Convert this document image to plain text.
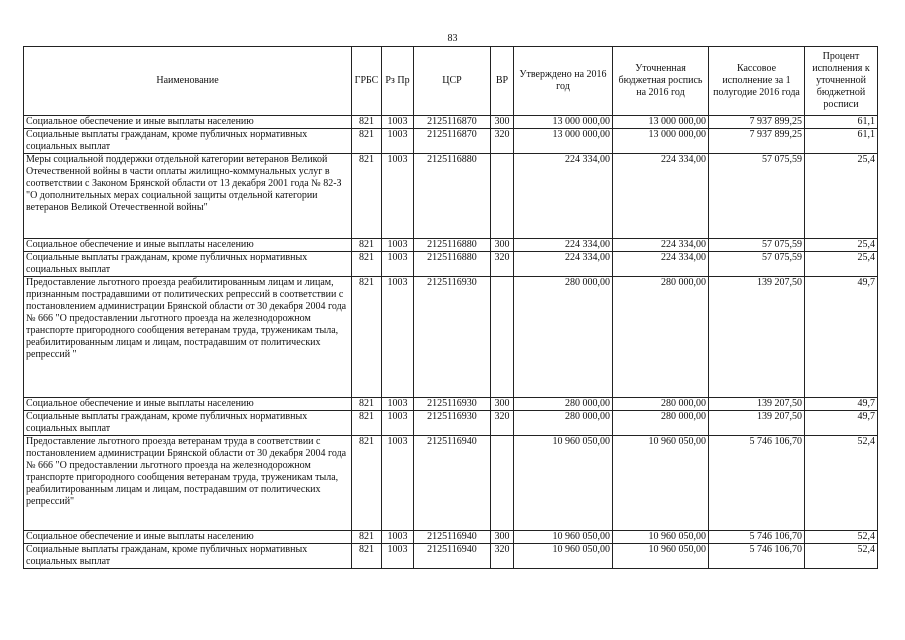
83
Наименование	ГРБС	Рз Пр	ЦСР	ВР	Утверждено на 2016 год	Уточненная бюджетная роспись на 2016 год	Кассовое исполнение за 1 полугодие 2016 года	Процент исполнения к уточненной бюджетной росписи
Социальное обеспечение и иные выплаты населению	821	1003	2125116870	300	13 000 000,00	13 000 000,00	7 937 899,25	61,1
Социальные выплаты гражданам, кроме публичных нормативных социальных выплат	821	1003	2125116870	320	13 000 000,00	13 000 000,00	7 937 899,25	61,1
Меры социальной поддержки отдельной категории ветеранов Великой Отечественной войны в части оплаты жилищно-коммунальных услуг в соответствии с Законом Брянской области от 13 декабря 2001 года № 82-З "О дополнительных мерах социальной защиты отдельной категории ветеранов Великой Отечественной войны"	821	1003	2125116880		224 334,00	224 334,00	57 075,59	25,4
Социальное обеспечение и иные выплаты населению	821	1003	2125116880	300	224 334,00	224 334,00	57 075,59	25,4
Социальные выплаты гражданам, кроме публичных нормативных социальных выплат	821	1003	2125116880	320	224 334,00	224 334,00	57 075,59	25,4
Предоставление льготного проезда реабилитированным лицам и лицам, признанным пострадавшими от политических репрессий в соответствии с постановлением администрации Брянской области от 30 декабря 2004 года № 666 "О предоставлении льготного проезда на железнодорожном транспорте пригородного сообщения ветеранам труда, труженикам тыла, реабилитированным лицам и лицам, пострадавшим от политических репрессий "	821	1003	2125116930		280 000,00	280 000,00	139 207,50	49,7
Социальное обеспечение и иные выплаты населению	821	1003	2125116930	300	280 000,00	280 000,00	139 207,50	49,7
Социальные выплаты гражданам, кроме публичных нормативных социальных выплат	821	1003	2125116930	320	280 000,00	280 000,00	139 207,50	49,7
Предоставление льготного проезда ветеранам труда в соответствии с постановлением администрации Брянской области от 30 декабря 2004 года № 666 "О предоставлении льготного проезда на железнодорожном транспорте пригородного сообщения ветеранам труда, труженикам тыла, реабилитированным лицам и лицам, пострадавшим от политических репрессий"	821	1003	2125116940		10 960 050,00	10 960 050,00	5 746 106,70	52,4
Социальное обеспечение и иные выплаты населению	821	1003	2125116940	300	10 960 050,00	10 960 050,00	5 746 106,70	52,4
Социальные выплаты гражданам, кроме публичных нормативных социальных выплат	821	1003	2125116940	320	10 960 050,00	10 960 050,00	5 746 106,70	52,4
